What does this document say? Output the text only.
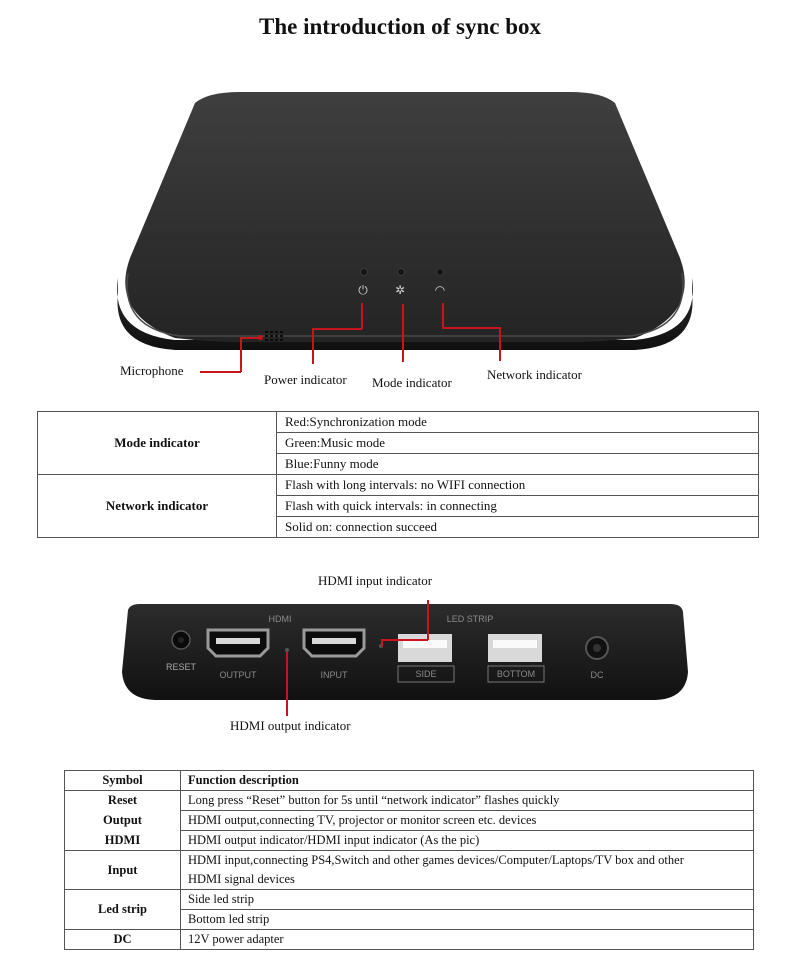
The introduction of sync box
⏻	✲	◠
Microphone
Power indicator Mode indicator
Network indicator
Mode indicator	Red:Synchronization mode
	Green:Music mode
	Blue:Funny mode
Network indicator	Flash with long intervals: no WIFI connection
	Flash with quick intervals: in connecting
	Solid on: connection succeed
HDMI input indicator
HDMI output indicator
RESET
HDMI
OUTPUT	INPUT
LED STRIP
SIDE	BOTTOM	DC
Symbol	Function description
Reset	Long press “Reset” button for 5s until “network indicator” flashes quickly
Output	HDMI output,connecting TV, projector or monitor screen etc. devices
HDMI	HDMI output indicator/HDMI input indicator (As the pic)
Input	HDMI input,connecting PS4,Switch and other games devices/Computer/Laptops/TV box and other
	HDMI signal devices
Led strip	Side led strip
	Bottom led strip
DC	12V power adapter
